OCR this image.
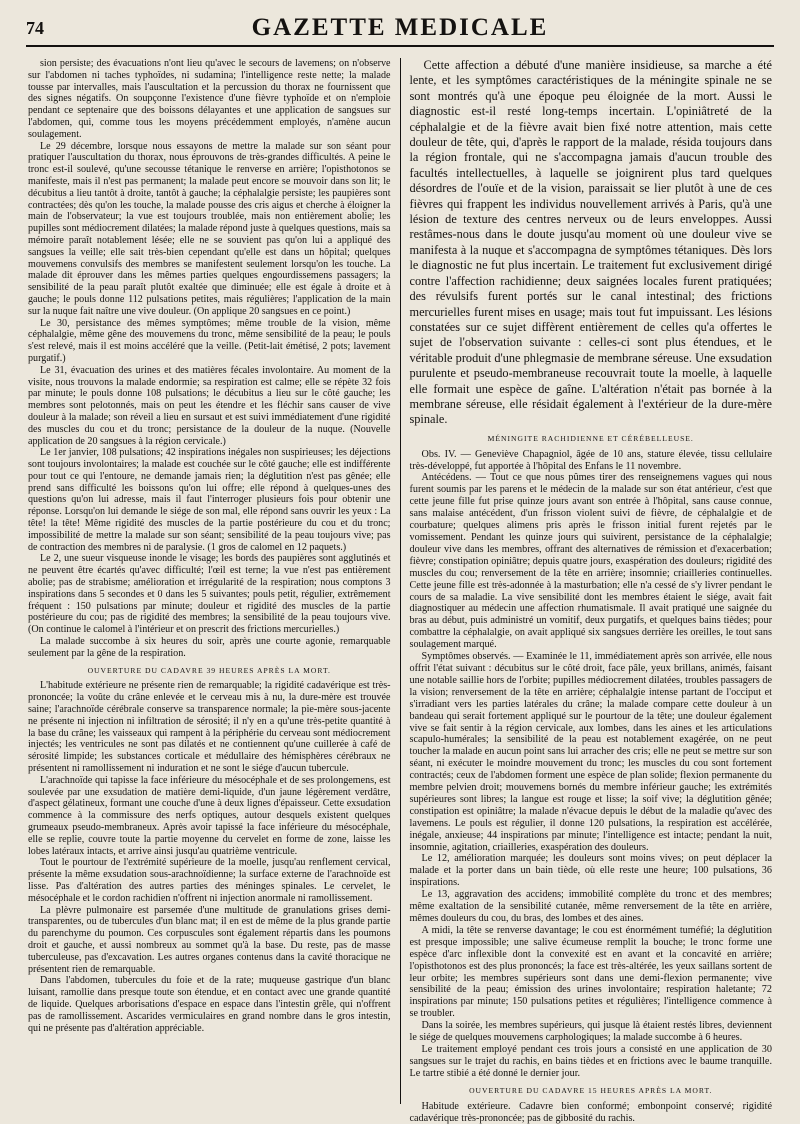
74	GAZETTE MEDICALE

sion persiste; des évacuations n'ont lieu qu'avec le secours de lavemens; on n'observe sur l'abdomen ni taches typhoïdes, ni sudamina; l'intelligence reste nette; la malade tousse par intervalles, mais l'auscultation et la percussion du thorax ne fournissent que des signes négatifs. On soupçonne l'existence d'une fièvre typhoïde et on n'emploie pendant ce septenaire que des boissons délayantes et une application de sangsues sur l'abdomen, qui, comme tous les moyens précédemment employés, n'amène aucun soulagement.

Le 29 décembre, lorsque nous essayons de mettre la malade sur son séant pour pratiquer l'auscultation du thorax, nous éprouvons de très-grandes difficultés. A peine le tronc est-il soulevé, qu'une secousse tétanique le renverse en arrière; l'opisthotonos se manifeste, mais il n'est pas permanent; la malade peut encore se mouvoir dans son lit; le décubitus a lieu tantôt à droite, tantôt à gauche; la céphalalgie persiste; les paupières sont contractées; dès qu'on les touche, la malade pousse des cris aigus et cherche à éloigner la main de l'observateur; la vue est toujours troublée, mais non entièrement abolie; les pupilles sont médiocrement dilatées; la malade répond juste à quelques questions, mais sa mémoire paraît notablement lésée; elle ne se souvient pas qu'on lui a appliqué des sangsues la veille; elle sait très-bien cependant qu'elle est dans un hôpital; quelques mouvemens convulsifs des membres se manifestent seulement lorsqu'on les touche. La malade dit éprouver dans les mêmes parties quelques engourdissemens passagers; la sensibilité de la peau paraît plutôt exaltée que diminuée; elle est égale à droite et à gauche; le pouls donne 112 pulsations petites, mais régulières; l'application de la main sur la nuque fait naître une vive douleur. (On applique 20 sangsues en ce point.)

Le 30, persistance des mêmes symptômes; même trouble de la vision, même céphalalgie, même gêne des mouvemens du tronc, même sensibilité de la peau; le pouls s'est relevé, mais il est moins accéléré que la veille. (Petit-lait émétisé, 2 pots; lavement purgatif.)

Le 31, évacuation des urines et des matières fécales involontaire. Au moment de la visite, nous trouvons la malade endormie; sa respiration est calme; elle se répète 32 fois par minute; le pouls donne 108 pulsations; le décubitus a lieu sur le côté gauche; les membres sont pelotonnés, mais on peut les étendre et les fléchir sans causer de vive douleur à la malade; son réveil a lieu en sursaut et est suivi immédiatement d'une rigidité des muscles du cou et du tronc; persistance de la douleur de la nuque. (Nouvelle application de 20 sangsues à la région cervicale.)

Le 1er janvier, 108 pulsations; 42 inspirations inégales non suspirieuses; les déjections sont toujours involontaires; la malade est couchée sur le côté gauche; elle est indifférente pour tout ce qui l'entoure, ne demande jamais rien; la déglutition n'est pas gênée; elle prend sans difficulté les boissons qu'on lui offre; elle répond à quelques-unes des questions qu'on lui adresse, mais il faut l'interroger plusieurs fois pour obtenir une réponse. Lorsqu'on lui demande le siége de son mal, elle répond sans ouvrir les yeux : La tête! la tête! Même rigidité des muscles de la partie postérieure du cou et du tronc; impossibilité de mettre la malade sur son séant; sensibilité de la peau toujours vive; pas de contraction des membres ni de paralysie. (1 gros de calomel en 12 paquets.)

Le 2, une sueur visqueuse inonde le visage; les bords des paupières sont agglutinés et ne peuvent être écartés qu'avec difficulté; l'œil est terne; la vue n'est pas entièrement abolie; pas de strabisme; amélioration et irrégularité de la respiration; nous comptons 3 inspirations dans 5 secondes et 0 dans les 5 suivantes; pouls petit, régulier, extrêmement fréquent : 150 pulsations par minute; douleur et rigidité des muscles de la partie postérieure du cou; pas de rigidité des membres; la sensibilité de la peau toujours vive. (On continue le calomel à l'intérieur et on prescrit des frictions mercurielles.)

La malade succombe à six heures du soir, après une courte agonie, remarquable seulement par la gêne de la respiration.

OUVERTURE DU CADAVRE 39 HEURES APRÈS LA MORT.

L'habitude extérieure ne présente rien de remarquable; la rigidité cadavérique est très-prononcée; la voûte du crâne enlevée et le cerveau mis à nu, la dure-mère est trouvée saine; l'arachnoïde cérébrale conserve sa transparence normale; la pie-mère sous-jacente ne présente ni injection ni infiltration de sérosité; il n'y en a qu'une très-petite quantité à la base du crâne; les vaisseaux qui rampent à la périphérie du cerveau sont médiocrement injectés; les ventricules ne sont pas dilatés et ne contiennent qu'une cuillerée à café de sérosité limpide; les substances corticale et médullaire des hémisphères cérébraux ne présentent ni ramollissement ni induration et ne sont le siége d'aucun tubercule.

L'arachnoïde qui tapisse la face inférieure du mésocéphale et de ses prolongemens, est soulevée par une exsudation de matière demi-liquide, d'un jaune légèrement verdâtre, d'aspect gélatineux, formant une couche d'une à deux lignes d'épaisseur. Cette exsudation commence à la commissure des nerfs optiques, autour desquels existent quelques grumeaux pseudo-membraneux. Après avoir tapissé la face inférieure du mésocéphale, elle se replie, couvre toute la partie moyenne du cervelet en forme de zone, laisse les lobes latéraux intacts, et arrive ainsi jusqu'au quatrième ventricule.

Tout le pourtour de l'extrémité supérieure de la moelle, jusqu'au renflement cervical, présente la même exsudation sous-arachnoïdienne; la surface externe de l'arachnoïde est lisse. Pas d'altération des autres parties des méninges spinales. Le cervelet, le mésocéphale et le cordon rachidien n'offrent ni injection anormale ni ramollissement.

La plèvre pulmonaire est parsemée d'une multitude de granulations grises demi-transparentes, ou de tubercules d'un blanc mat; il en est de même de la plus grande partie du parenchyme du poumon. Ces corpuscules sont également répartis dans les poumons droit et gauche, et aussi nombreux au sommet qu'à la base. Du reste, pas de masse tuberculeuse, pas d'excavation. Les autres organes contenus dans la cavité thoracique ne présentent rien de remarquable.

Dans l'abdomen, tubercules du foie et de la rate; muqueuse gastrique d'un blanc luisant, ramollie dans presque toute son étendue, et en contact avec une grande quantité de liquide. Quelques arborisations d'espace en espace dans l'intestin grêle, qui n'offrent pas de ramollissement. Ascarides vermiculaires en grand nombre dans le gros intestin, qui ne présente pas d'altération appréciable.

Cette affection a débuté d'une manière insidieuse, sa marche a été lente, et les symptômes caractéristiques de la méningite spinale ne se sont montrés qu'à une époque peu éloignée de la mort. Aussi le diagnostic est-il resté long-temps incertain. L'opiniâtreté de la céphalalgie et de la fièvre avait bien fixé notre attention, mais cette douleur de tête, qui, d'après le rapport de la malade, résida toujours dans la région frontale, qui ne s'accompagna jamais d'aucun trouble des facultés intellectuelles, à laquelle se joignirent plus tard quelques désordres de l'ouïe et de la vision, paraissait se lier plutôt à une de ces fièvres qui frappent les individus nouvellement arrivés à Paris, qu'à une lésion de texture des centres nerveux ou de leurs enveloppes. Aussi restâmes-nous dans le doute jusqu'au moment où une douleur vive se manifesta à la nuque et s'accompagna de symptômes tétaniques. Dès lors le diagnostic ne fut plus incertain. Le traitement fut exclusivement dirigé contre l'affection rachidienne; deux saignées locales furent pratiquées; des révulsifs furent portés sur le canal intestinal; des frictions mercurielles furent mises en usage; mais tout fut impuissant. Les lésions constatées sur ce sujet diffèrent entièrement de celles qu'a offertes le sujet de l'observation suivante : celles-ci sont plus étendues, et le véritable produit d'une phlegmasie de membrane séreuse. Une exsudation purulente et pseudo-membraneuse recouvrait toute la moelle, à laquelle elle formait une espèce de gaîne. L'altération n'était pas bornée à la membrane séreuse, elle résidait également à l'extérieur de la dure-mère spinale.

MÉNINGITE RACHIDIENNE ET CÉRÉBELLEUSE.

Obs. IV. — Geneviève Chapagniol, âgée de 10 ans, stature élevée, tissu cellulaire très-développé, fut apportée à l'hôpital des Enfans le 11 novembre.

Antécédens. — Tout ce que nous pûmes tirer des renseignemens vagues qui nous furent soumis par les parens et le médecin de la malade sur son état antérieur, c'est que cette jeune fille fut prise quinze jours avant son entrée à l'hôpital, sans cause connue, sans malaise antécédent, d'un frisson violent suivi de fièvre, de céphalalgie et de courbature; quelques alimens pris après le frisson initial furent rejetés par le vomissement. Pendant les quinze jours qui suivirent, persistance de la céphalalgie; douleur vive dans les membres, offrant des alternatives de rémission et d'exacerbation; fièvre; constipation opiniâtre; depuis quatre jours, exaspération des douleurs; rigidité des muscles du cou; renversement de la tête en arrière; insomnie; criailleries continuelles. Cette jeune fille est très-adonnée à la masturbation; elle n'a cessé de s'y livrer pendant le cours de sa maladie. La vive sensibilité dont les membres étaient le siége, avait fait diagnostiquer au médecin une affection rhumatismale. Il avait pratiqué une saignée du bras au début, puis administré un vomitif, deux purgatifs, et quelques bains tièdes; pour combattre la céphalalgie, on avait appliqué six sangsues derrière les oreilles, le tout sans soulagement marqué.

Symptômes observés. — Examinée le 11, immédiatement après son arrivée, elle nous offrit l'état suivant : décubitus sur le côté droit, face pâle, yeux brillans, animés, faisant une notable saillie hors de l'orbite; pupilles médiocrement dilatées, troubles passagers de la vision; renversement de la tête en arrière; céphalalgie intense partant de l'occiput et s'irradiant vers les parties latérales du crâne; la malade compare cette douleur à un bandeau qui serait fortement appliqué sur le pourtour de la tête; une douleur également vive se fait sentir à la région cervicale, aux lombes, dans les aines et les articulations scapulo-humérales; la sensibilité de la peau est notablement exagérée, on ne peut toucher la malade en aucun point sans lui arracher des cris; elle ne peut se mettre sur son séant, ni exécuter le moindre mouvement du tronc; les muscles du cou sont fortement contractés; ceux de l'abdomen forment une espèce de plan solide; flexion permanente du membre pelvien droit; mouvemens bornés du membre inférieur gauche; les extrémités supérieures sont libres; la langue est rouge et lisse; la soif vive; la déglutition gênée; constipation est opiniâtre; la malade n'évacue depuis le début de la maladie qu'avec des lavemens. Le pouls est régulier, il donne 120 pulsations, la respiration est accélérée, inégale, anxieuse; 44 inspirations par minute; l'intelligence est intacte; pendant la nuit, insomnie, agitation, criailleries, exaspération des douleurs.

Le 12, amélioration marquée; les douleurs sont moins vives; on peut déplacer la malade et la porter dans un bain tiède, où elle reste une heure; 100 pulsations, 36 inspirations.

Le 13, aggravation des accidens; immobilité complète du tronc et des membres; même exaltation de la sensibilité cutanée, même renversement de la tête en arrière, mêmes douleurs du cou, du bras, des lombes et des aines.

A midi, la tête se renverse davantage; le cou est énormément tuméfié; la déglutition est presque impossible; une salive écumeuse remplit la bouche; le tronc forme une espèce d'arc inflexible dont la convexité est en avant et la concavité en arrière; l'opisthotonos est des plus prononcés; la face est très-altérée, les yeux saillans sortent de leur orbite; les membres supérieurs sont dans une demi-flexion permanente; vive sensibilité de la peau; émission des urines involontaire; respiration haletante; 72 inspirations par minute; 150 pulsations petites et régulières; l'intelligence commence à se troubler.

Dans la soirée, les membres supérieurs, qui jusque là étaient restés libres, deviennent le siége de quelques mouvemens carphologiques; la malade succombe à 6 heures.

Le traitement employé pendant ces trois jours a consisté en une application de 30 sangsues sur le trajet du rachis, en bains tièdes et en frictions avec le baume tranquille. Le tartre stibié a été donné le dernier jour.

OUVERTURE DU CADAVRE 15 HEURES APRÈS LA MORT.

Habitude extérieure. Cadavre bien conformé; embonpoint conservé; rigidité cadavérique très-prononcée; pas de gibbosité du rachis.
